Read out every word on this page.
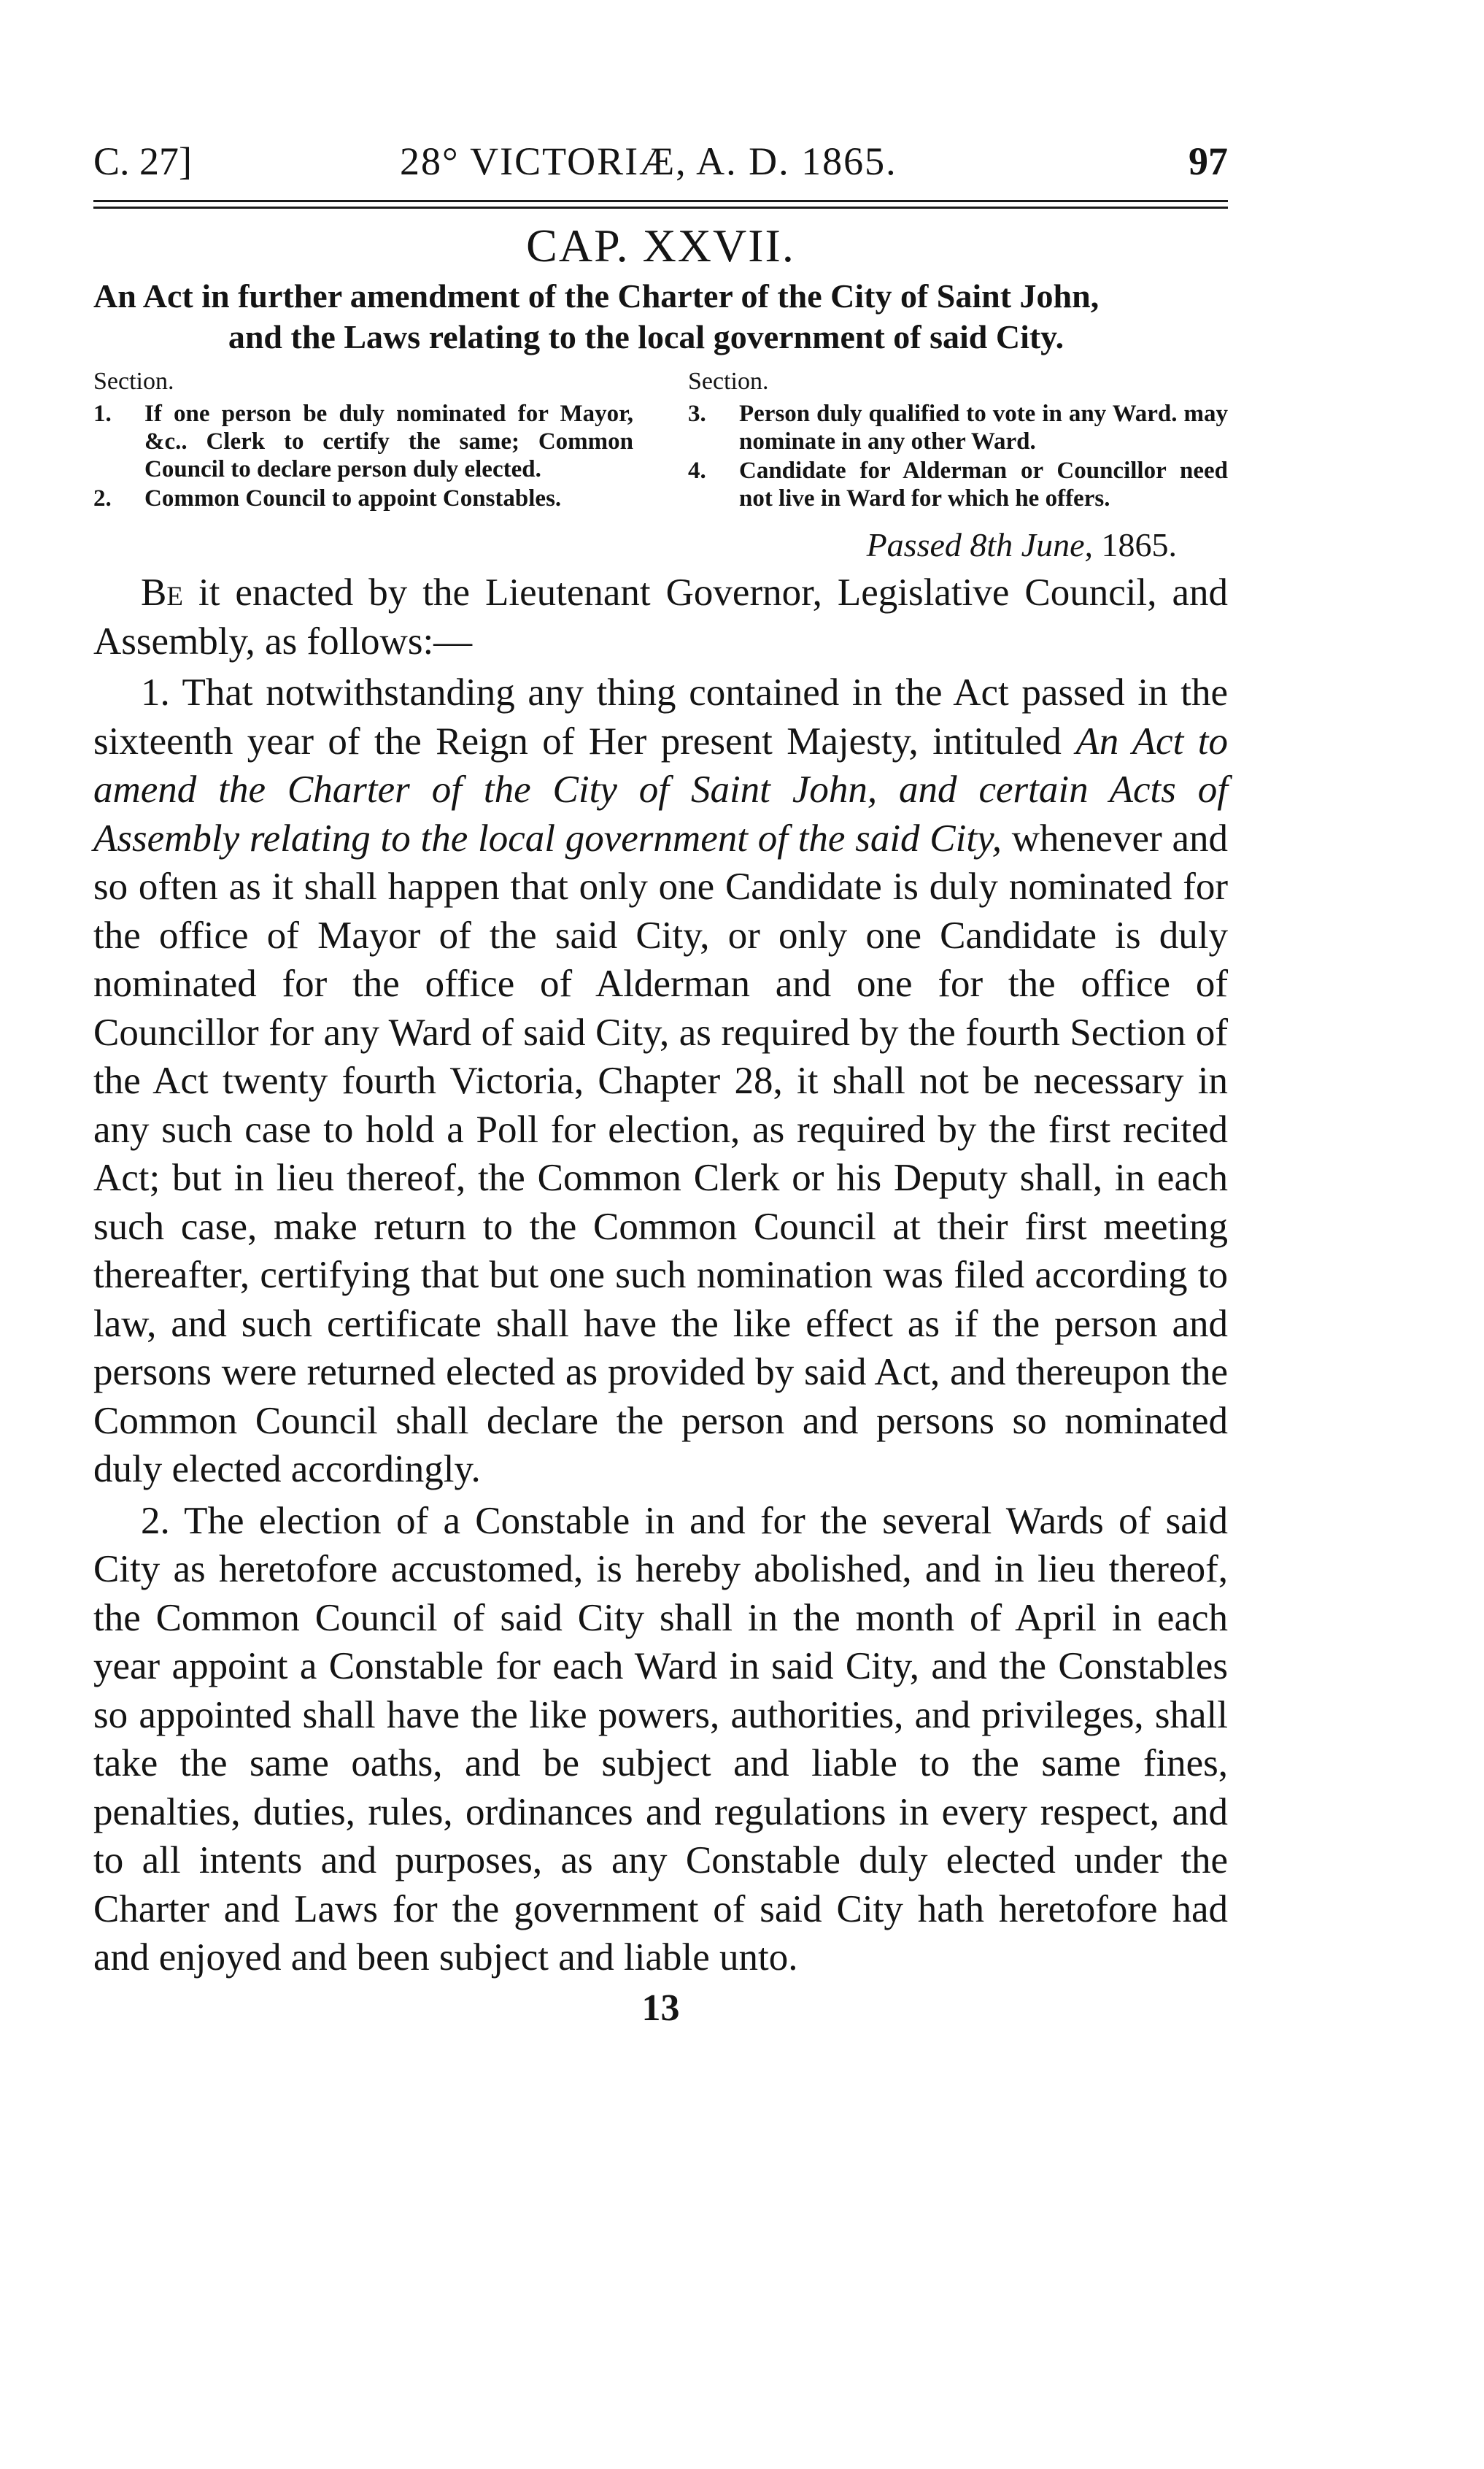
C. 27]	28° VICTORIÆ, A. D. 1865.	97
CAP. XXVII.
An Act in further amendment of the Charter of the City of Saint John,
and the Laws relating to the local government of said City.
Section.
1.	If one person be duly nominated for Mayor, &c.. Clerk to certify the same; Common Council to declare person duly elected.
2.	Common Council to appoint Constables.
Section.
3.	Person duly qualified to vote in any Ward. may nominate in any other Ward.
4.	Candidate for Alderman or Councillor need not live in Ward for which he offers.
Passed 8th June, 1865.

Be it enacted by the Lieutenant Governor, Legislative Council, and Assembly, as follows:—

1. That notwithstanding any thing contained in the Act passed in the sixteenth year of the Reign of Her present Majesty, intituled An Act to amend the Charter of the City of Saint John, and certain Acts of Assembly relating to the local government of the said City, whenever and so often as it shall happen that only one Candidate is duly nominated for the office of Mayor of the said City, or only one Candidate is duly nominated for the office of Alderman and one for the office of Councillor for any Ward of said City, as required by the fourth Section of the Act twenty fourth Victoria, Chapter 28, it shall not be necessary in any such case to hold a Poll for election, as required by the first recited Act; but in lieu thereof, the Common Clerk or his Deputy shall, in each such case, make return to the Common Council at their first meeting thereafter, certifying that but one such nomination was filed according to law, and such certificate shall have the like effect as if the person and persons were returned elected as provided by said Act, and thereupon the Common Council shall declare the person and persons so nominated duly elected accordingly.

2. The election of a Constable in and for the several Wards of said City as heretofore accustomed, is hereby abolished, and in lieu thereof, the Common Council of said City shall in the month of April in each year appoint a Constable for each Ward in said City, and the Constables so appointed shall have the like powers, authorities, and privileges, shall take the same oaths, and be subject and liable to the same fines, penalties, duties, rules, ordinances and regulations in every respect, and to all intents and purposes, as any Constable duly elected under the Charter and Laws for the government of said City hath heretofore had and enjoyed and been subject and liable unto.

13
